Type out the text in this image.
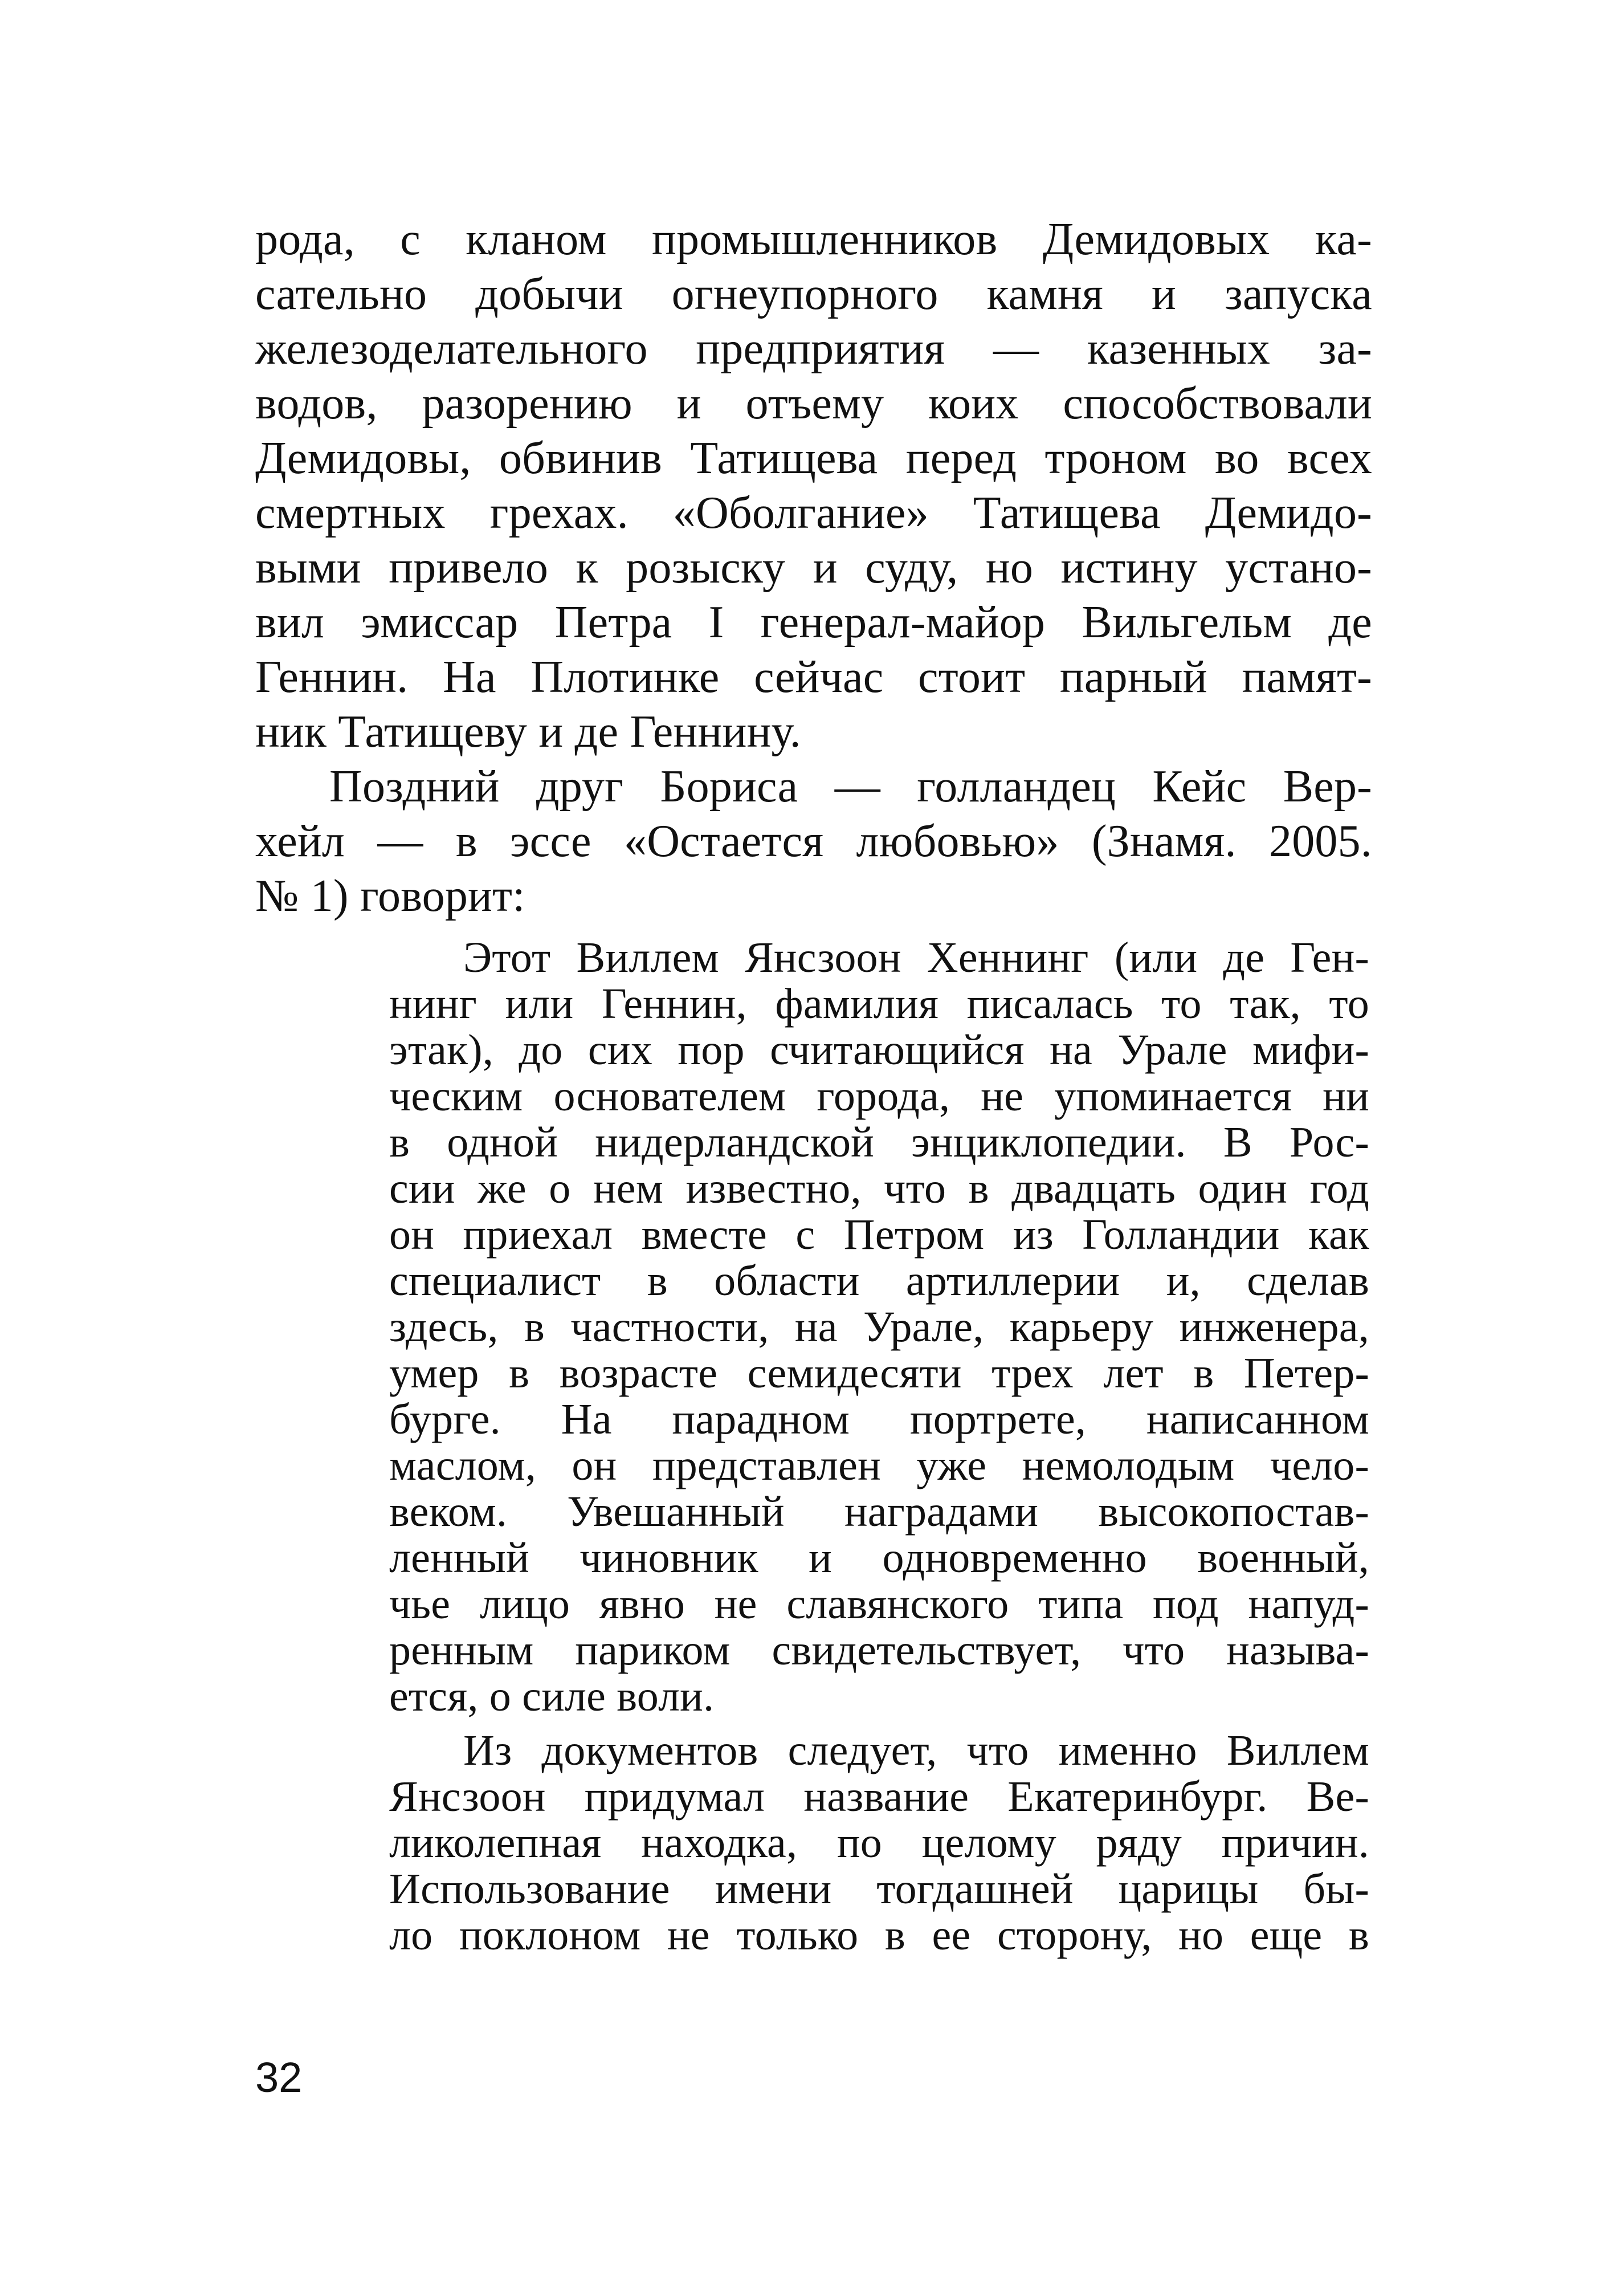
рода, с кланом промышленников Демидовых ка-
сательно добычи огнеупорного камня и запуска
железоделательного предприятия — казенных за-
водов, разорению и отъему коих способствовали
Демидовы, обвинив Татищева перед троном во всех
смертных грехах. «Оболгание» Татищева Демидо-
выми привело к розыску и суду, но истину устано-
вил эмиссар Петра I генерал-майор Вильгельм де
Геннин. На Плотинке сейчас стоит парный памят-
ник Татищеву и де Геннину.
Поздний друг Бориса — голландец Кейс Вер-
хейл — в эссе «Остается любовью» (Знамя. 2005.
№ 1) говорит:
Этот Виллем Янсзоон Хеннинг (или де Ген-
нинг или Геннин, фамилия писалась то так, то
этак), до сих пор считающийся на Урале мифи-
ческим основателем города, не упоминается ни
в одной нидерландской энциклопедии. В Рос-
сии же о нем известно, что в двадцать один год
он приехал вместе с Петром из Голландии как
специалист в области артиллерии и, сделав
здесь, в частности, на Урале, карьеру инженера,
умер в возрасте семидесяти трех лет в Петер-
бурге. На парадном портрете, написанном
маслом, он представлен уже немолодым чело-
веком. Увешанный наградами высокопостав-
ленный чиновник и одновременно военный,
чье лицо явно не славянского типа под напуд-
ренным париком свидетельствует, что называ-
ется, о силе воли.
Из документов следует, что именно Виллем
Янсзоон придумал название Екатеринбург. Ве-
ликолепная находка, по целому ряду причин.
Использование имени тогдашней царицы бы-
ло поклоном не только в ее сторону, но еще в
32
